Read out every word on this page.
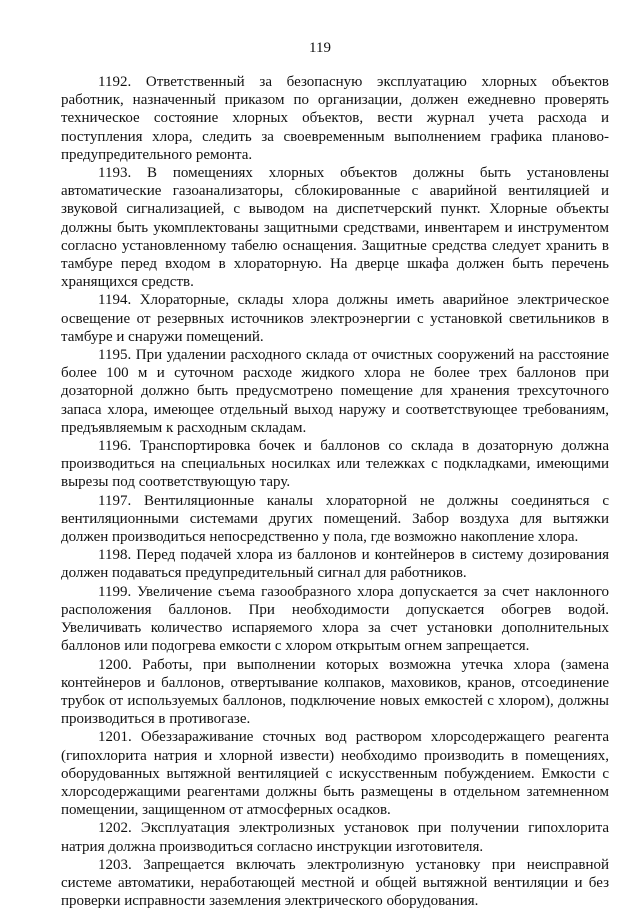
119

1192. Ответственный за безопасную эксплуатацию хлорных объектов работник, назначенный приказом по организации, должен ежедневно проверять техническое состояние хлорных объектов, вести журнал учета расхода и поступления хлора, следить за своевременным выполнением графика планово-предупредительного ремонта.

1193. В помещениях хлорных объектов должны быть установлены автоматические газоанализаторы, сблокированные с аварийной вентиляцией и звуковой сигнализацией, с выводом на диспетчерский пункт. Хлорные объекты должны быть укомплектованы защитными средствами, инвентарем и инструментом согласно установленному табелю оснащения. Защитные средства следует хранить в тамбуре перед входом в хлораторную. На дверце шкафа должен быть перечень хранящихся средств.

1194. Хлораторные, склады хлора должны иметь аварийное электрическое освещение от резервных источников электроэнергии с установкой светильников в тамбуре и снаружи помещений.

1195. При удалении расходного склада от очистных сооружений на расстояние более 100 м и суточном расходе жидкого хлора не более трех баллонов при дозаторной должно быть предусмотрено помещение для хранения трехсуточного запаса хлора, имеющее отдельный выход наружу и соответствующее требованиям, предъявляемым к расходным складам.

1196. Транспортировка бочек и баллонов со склада в дозаторную должна производиться на специальных носилках или тележках с подкладками, имеющими вырезы под соответствующую тару.

1197. Вентиляционные каналы хлораторной не должны соединяться с вентиляционными системами других помещений. Забор воздуха для вытяжки должен производиться непосредственно у пола, где возможно накопление хлора.

1198. Перед подачей хлора из баллонов и контейнеров в систему дозирования должен подаваться предупредительный сигнал для работников.

1199. Увеличение съема газообразного хлора допускается за счет наклонного расположения баллонов. При необходимости допускается обогрев водой. Увеличивать количество испаряемого хлора за счет установки дополнительных баллонов или подогрева емкости с хлором открытым огнем запрещается.

1200. Работы, при выполнении которых возможна утечка хлора (замена контейнеров и баллонов, отвертывание колпаков, маховиков, кранов, отсоединение трубок от используемых баллонов, подключение новых емкостей с хлором), должны производиться в противогазе.

1201. Обеззараживание сточных вод раствором хлорсодержащего реагента (гипохлорита натрия и хлорной извести) необходимо производить в помещениях, оборудованных вытяжной вентиляцией с искусственным побуждением. Емкости с хлорсодержащими реагентами должны быть размещены в отдельном затемненном помещении, защищенном от атмосферных осадков.

1202. Эксплуатация электролизных установок при получении гипохлорита натрия должна производиться согласно инструкции изготовителя.

1203. Запрещается включать электролизную установку при неисправной системе автоматики, неработающей местной и общей вытяжной вентиляции и без проверки исправности заземления электрического оборудования.
